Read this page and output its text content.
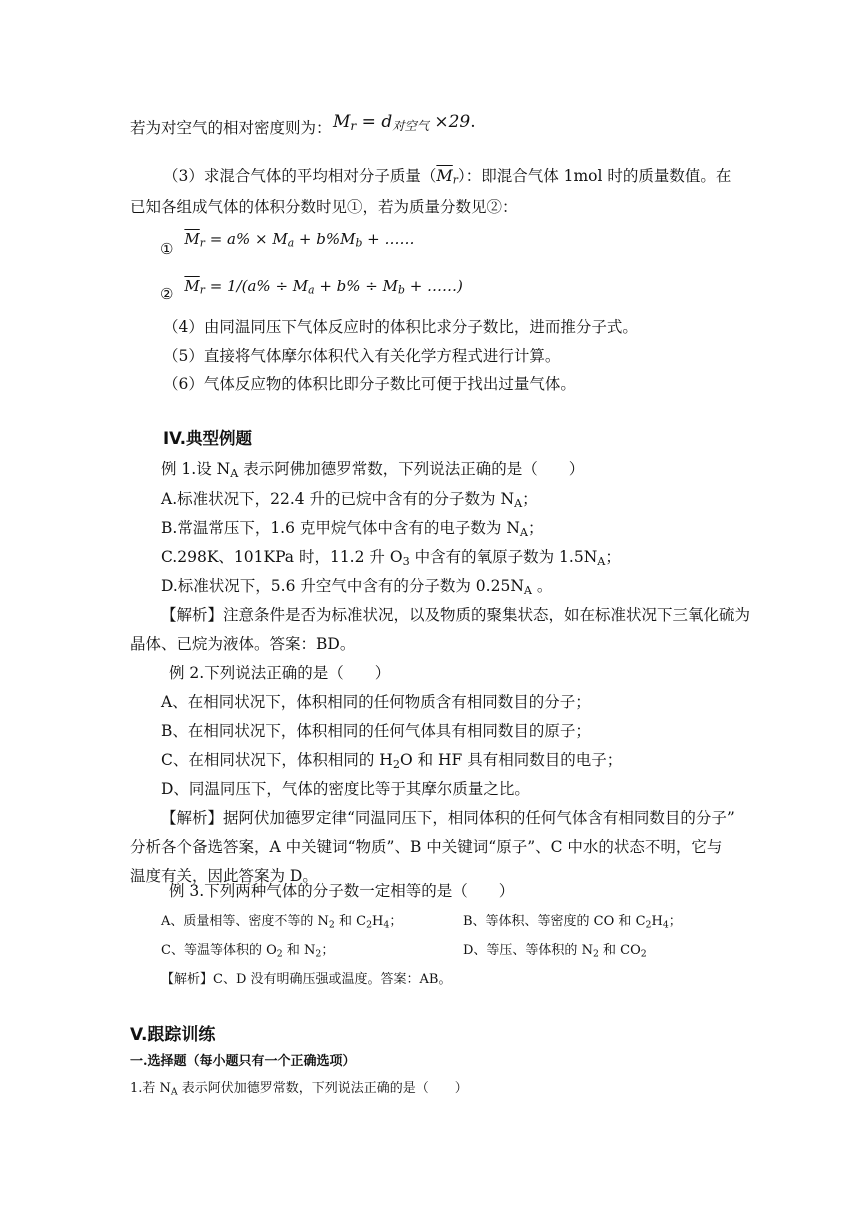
若为对空气的相对密度则为： $M_r = d_{对空气} \times 29$.
（3）求混合气体的平均相对分子质量$(\overline{M}_r)$：即混合气体 1mol 时的质量数值。在
已知各组成气体的体积分数时见①，若为质量分数见②：
① $\overline{M}_r = a\% \times M_a + b\%M_b$ + ……
② $\overline{M}_r = 1/(a\% \div M_a + b\% \div M_b$ + ……)
（4）由同温同压下气体反应时的体积比求分子数比，进而推分子式。
（5）直接将气体摩尔体积代入有关化学方程式进行计算。
（6）气体反应物的体积比即分子数比可便于找出过量气体。
IV.典型例题
例 1.设 $N_A$ 表示阿佛加德罗常数，下列说法正确的是（　　）
A.标准状况下，22.4 升的已烷中含有的分子数为 $N_A$；
B.常温常压下，1.6 克甲烷气体中含有的电子数为 $N_A$；
C.298K、101KPa 时，11.2 升 $O_3$ 中含有的氧原子数为 $1.5N_A$；
D.标准状况下，5.6 升空气中含有的分子数为 $0.25N_A$ 。
【解析】注意条件是否为标准状况，以及物质的聚集状态，如在标准状况下三氧化硫为
晶体、已烷为液体。答案：BD。
例 2.下列说法正确的是（　　）
A、在相同状况下，体积相同的任何物质含有相同数目的分子；
B、在相同状况下，体积相同的任何气体具有相同数目的原子；
C、在相同状况下，体积相同的 $H_2O$ 和 HF 具有相同数目的电子；
D、同温同压下，气体的密度比等于其摩尔质量之比。
【解析】据阿伏加德罗定律“同温同压下，相同体积的任何气体含有相同数目的分子”
分析各个备选答案，A 中关键词“物质”、B 中关键词“原子”、C 中水的状态不明，它与
温度有关，因此答案为 D。
例 3.下列两种气体的分子数一定相等的是（　　）
A、质量相等、密度不等的 $N_2$ 和 $C_2H_4$；	B、等体积、等密度的 CO 和 $C_2H_4$；
C、等温等体积的 $O_2$ 和 $N_2$；	D、等压、等体积的 $N_2$ 和 $CO_2$
【解析】C、D 没有明确压强或温度。答案：AB。
V.跟踪训练
一.选择题（每小题只有一个正确选项）
1.若 $N_A$ 表示阿伏加德罗常数，下列说法正确的是（　　）
